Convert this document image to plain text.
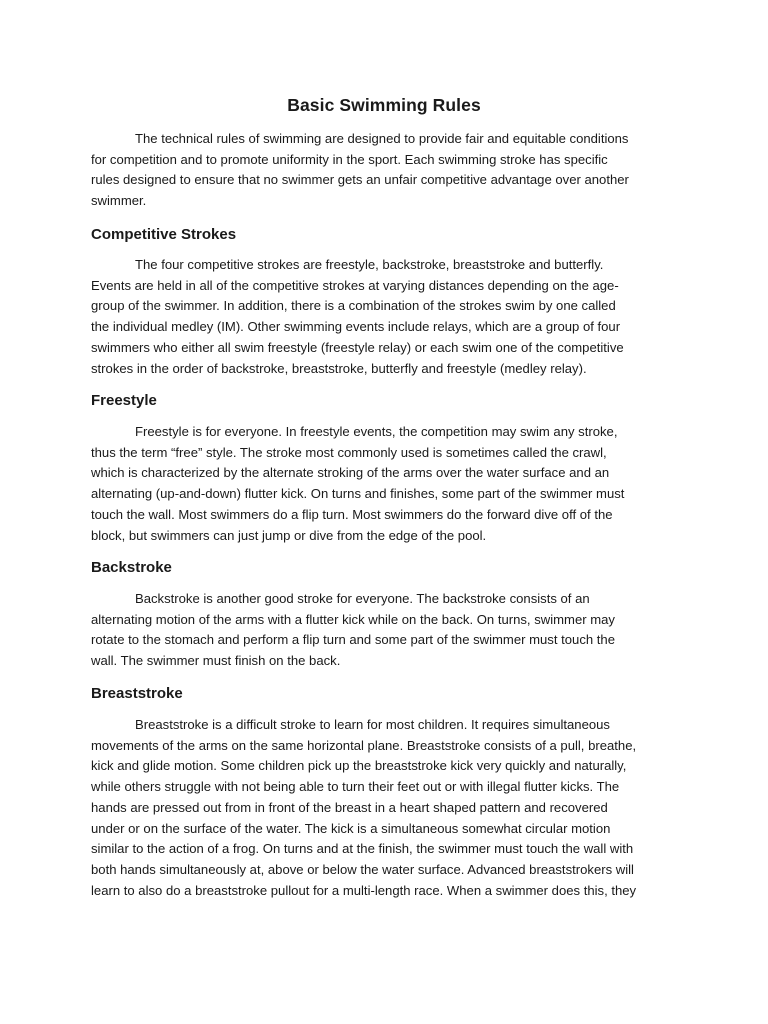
Basic Swimming Rules

The technical rules of swimming are designed to provide fair and equitable conditions
for competition and to promote uniformity in the sport. Each swimming stroke has specific
rules designed to ensure that no swimmer gets an unfair competitive advantage over another
swimmer.

Competitive Strokes

The four competitive strokes are freestyle, backstroke, breaststroke and butterfly.
Events are held in all of the competitive strokes at varying distances depending on the age-
group of the swimmer. In addition, there is a combination of the strokes swim by one called
the individual medley (IM). Other swimming events include relays, which are a group of four
swimmers who either all swim freestyle (freestyle relay) or each swim one of the competitive
strokes in the order of backstroke, breaststroke, butterfly and freestyle (medley relay).

Freestyle

Freestyle is for everyone. In freestyle events, the competition may swim any stroke,
thus the term “free” style. The stroke most commonly used is sometimes called the crawl,
which is characterized by the alternate stroking of the arms over the water surface and an
alternating (up-and-down) flutter kick. On turns and finishes, some part of the swimmer must
touch the wall. Most swimmers do a flip turn. Most swimmers do the forward dive off of the
block, but swimmers can just jump or dive from the edge of the pool.

Backstroke

Backstroke is another good stroke for everyone. The backstroke consists of an
alternating motion of the arms with a flutter kick while on the back. On turns, swimmer may
rotate to the stomach and perform a flip turn and some part of the swimmer must touch the
wall. The swimmer must finish on the back.

Breaststroke

Breaststroke is a difficult stroke to learn for most children. It requires simultaneous
movements of the arms on the same horizontal plane. Breaststroke consists of a pull, breathe,
kick and glide motion. Some children pick up the breaststroke kick very quickly and naturally,
while others struggle with not being able to turn their feet out or with illegal flutter kicks. The
hands are pressed out from in front of the breast in a heart shaped pattern and recovered
under or on the surface of the water. The kick is a simultaneous somewhat circular motion
similar to the action of a frog. On turns and at the finish, the swimmer must touch the wall with
both hands simultaneously at, above or below the water surface. Advanced breaststrokers will
learn to also do a breaststroke pullout for a multi-length race. When a swimmer does this, they
